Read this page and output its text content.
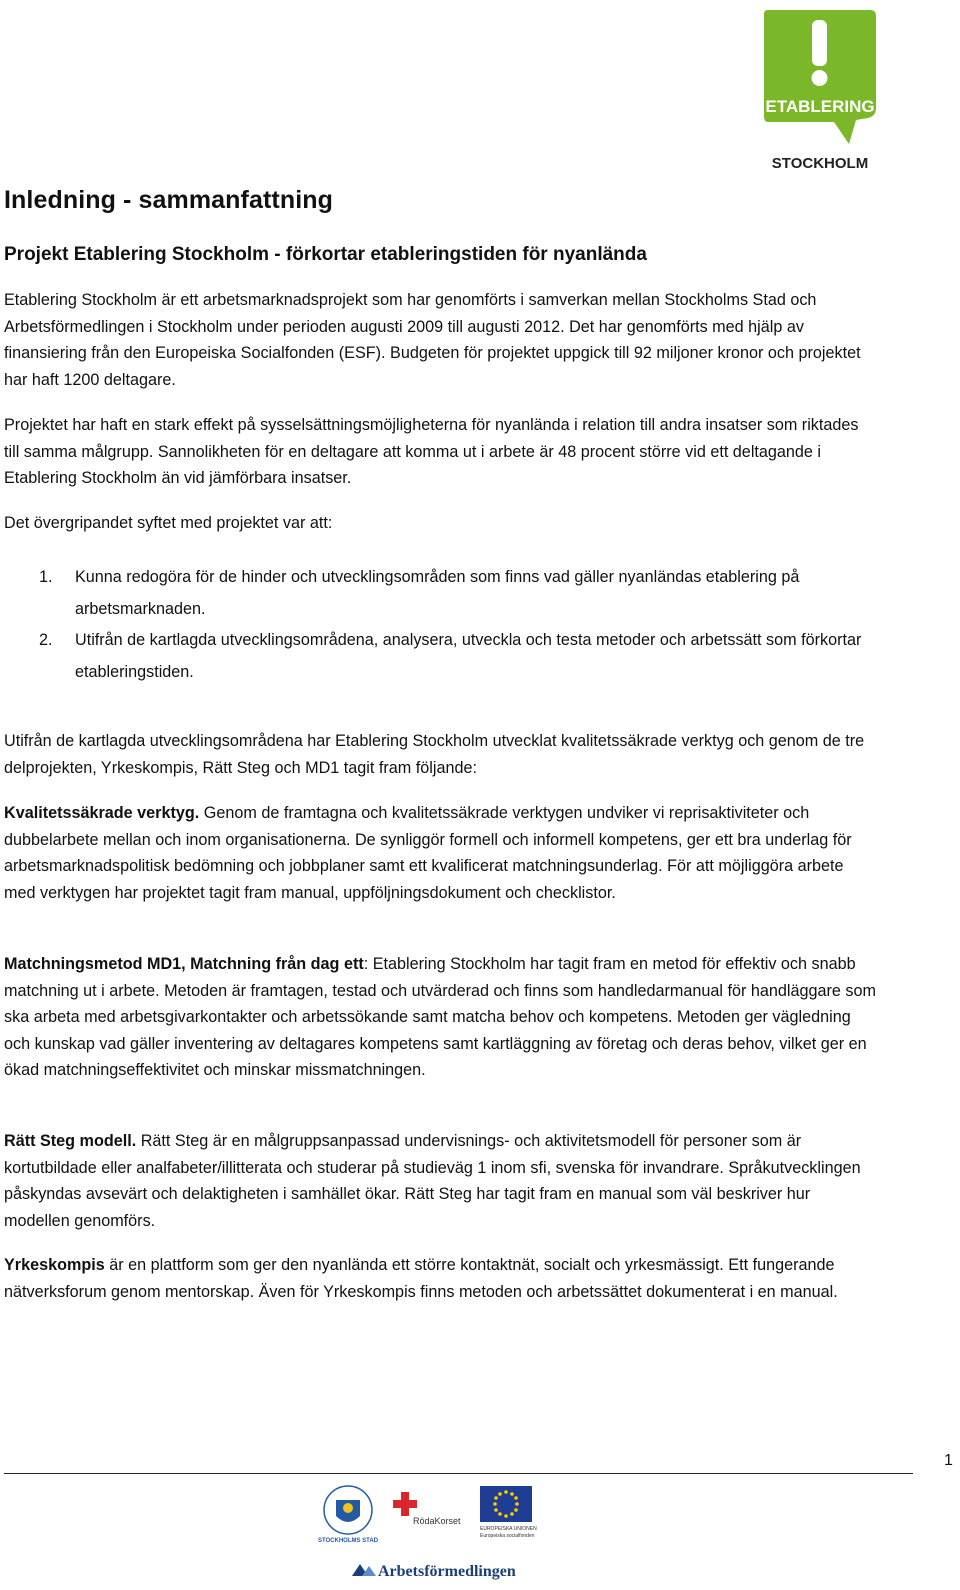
ETABLERING
STOCKHOLM
Inledning - sammanfattning
Projekt Etablering Stockholm - förkortar etableringstiden för nyanlända

Etablering Stockholm är ett arbetsmarknadsprojekt som har genomförts i samverkan mellan Stockholms Stad och Arbetsförmedlingen i Stockholm under perioden augusti 2009 till augusti 2012. Det har genomförts med hjälp av finansiering från den Europeiska Socialfonden (ESF). Budgeten för projektet uppgick till 92 miljoner kronor och projektet har haft 1200 deltagare.

Projektet har haft en stark effekt på sysselsättningsmöjligheterna för nyanlända i relation till andra insatser som riktades till samma målgrupp. Sannolikheten för en deltagare att komma ut i arbete är 48 procent större vid ett deltagande i Etablering Stockholm än vid jämförbara insatser.

Det övergripandet syftet med projektet var att:

1. Kunna redogöra för de hinder och utvecklingsområden som finns vad gäller nyanländas etablering på arbetsmarknaden.
2. Utifrån de kartlagda utvecklingsområdena, analysera, utveckla och testa metoder och arbetssätt som förkortar etableringstiden.

Utifrån de kartlagda utvecklingsområdena har Etablering Stockholm utvecklat kvalitetssäkrade verktyg och genom de tre delprojekten, Yrkeskompis, Rätt Steg och MD1 tagit fram följande:

Kvalitetssäkrade verktyg. Genom de framtagna och kvalitetssäkrade verktygen undviker vi reprisaktiviteter och dubbelarbete mellan och inom organisationerna. De synliggör formell och informell kompetens, ger ett bra underlag för arbetsmarknadspolitisk bedömning och jobbplaner samt ett kvalificerat matchningsunderlag. För att möjliggöra arbete med verktygen har projektet tagit fram manual, uppföljningsdokument och checklistor.

Matchningsmetod MD1, Matchning från dag ett: Etablering Stockholm har tagit fram en metod för effektiv och snabb matchning ut i arbete. Metoden är framtagen, testad och utvärderad och finns som handledarmanual för handläggare som ska arbeta med arbetsgivarkontakter och arbetssökande samt matcha behov och kompetens. Metoden ger vägledning och kunskap vad gäller inventering av deltagares kompetens samt kartläggning av företag och deras behov, vilket ger en ökad matchningseffektivitet och minskar missmatchningen.

Rätt Steg modell. Rätt Steg är en målgruppsanpassad undervisnings- och aktivitetsmodell för personer som är kortutbildade eller analfabeter/illitterata och studerar på studieväg 1 inom sfi, svenska för invandrare. Språkutvecklingen påskyndas avsevärt och delaktigheten i samhället ökar. Rätt Steg har tagit fram en manual som väl beskriver hur modellen genomförs.

Yrkeskompis är en plattform som ger den nyanlända ett större kontaktnät, socialt och yrkesmässigt. Ett fungerande nätverksforum genom mentorskap. Även för Yrkeskompis finns metoden och arbetssättet dokumenterat i en manual.

1
STOCKHOLMS STAD
RödaKorset
EUROPEISKA UNIONEN
Europeiska socialfonden
Arbetsförmedlingen
